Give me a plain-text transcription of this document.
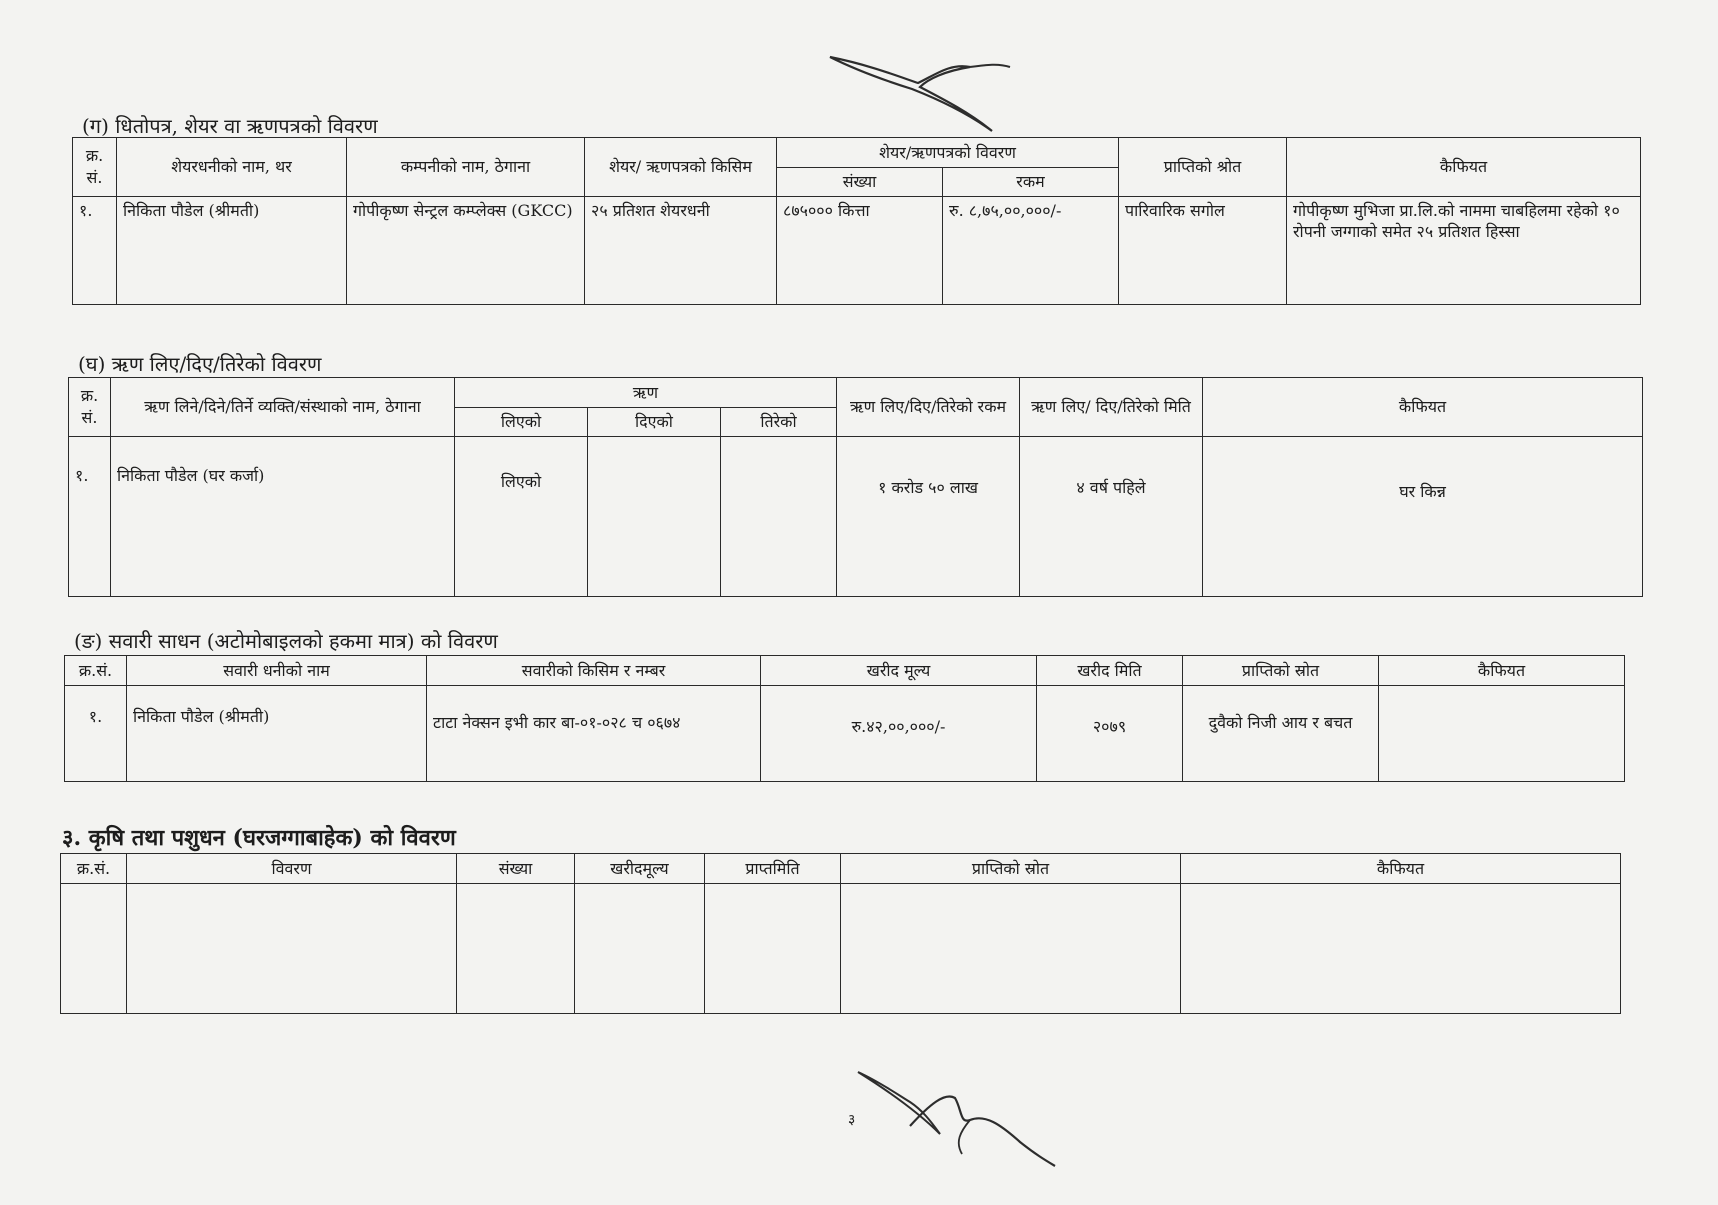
(ग) धितोपत्र, शेयर वा ऋणपत्रको विवरण
क्र. सं.	शेयरधनीको नाम, थर	कम्पनीको नाम, ठेगाना	शेयर/ ऋणपत्रको किसिम	शेयर/ऋणपत्रको विवरण		प्राप्तिको श्रोत	कैफियत
				संख्या	रकम		
१.	निकिता पौडेल (श्रीमती)	गोपीकृष्ण सेन्ट्रल कम्प्लेक्स (GKCC)	२५ प्रतिशत शेयरधनी	८७५००० कित्ता	रु. ८,७५,००,०००/-	पारिवारिक सगोल	गोपीकृष्ण मुभिजा प्रा.लि.को नाममा चाबहिलमा रहेको १० रोपनी जग्गाको समेत २५ प्रतिशत हिस्सा
(घ) ऋण लिए/दिए/तिरेको विवरण
क्र. सं.	ऋण लिने/दिने/तिर्ने व्यक्ति/संस्थाको नाम, ठेगाना	ऋण			ऋण लिए/दिए/तिरेको रकम	ऋण लिए/ दिए/तिरेको मिति	कैफियत
		लिएको	दिएको	तिरेको			
१.	निकिता पौडेल (घर कर्जा)	लिएको			१ करोड ५० लाख	४ वर्ष पहिले	घर किन्न
(ङ) सवारी साधन (अटोमोबाइलको हकमा मात्र) को विवरण
क्र.सं.	सवारी धनीको नाम	सवारीको किसिम र नम्बर	खरीद मूल्य	खरीद मिति	प्राप्तिको स्रोत	कैफियत
१.	निकिता पौडेल (श्रीमती)	टाटा नेक्सन इभी कार बा-०१-०२८ च ०६७४	रु.४२,००,०००/-	२०७९	दुवैको निजी आय र बचत	
३. कृषि तथा पशुधन (घरजग्गाबाहेक) को विवरण
क्र.सं.	विवरण	संख्या	खरीदमूल्य	प्राप्तमिति	प्राप्तिको स्रोत	कैफियत

३
